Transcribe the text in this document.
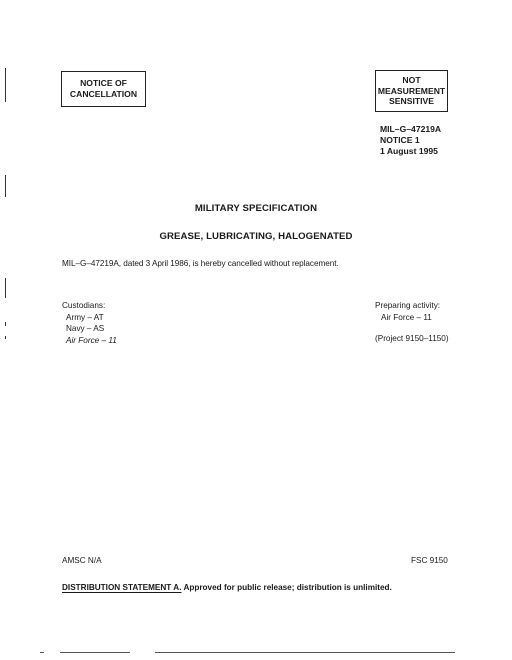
NOTICE OF
CANCELLATION
NOT
MEASUREMENT
SENSITIVE
MIL–G–47219A
NOTICE 1
1 August 1995
MILITARY SPECIFICATION
GREASE, LUBRICATING, HALOGENATED
MIL–G–47219A, dated 3 April 1986, is hereby cancelled without replacement.
Custodians:
Army – AT
Navy – AS
Air Force – 11
Preparing activity:
Air Force – 11
(Project 9150–1150)
AMSC N/A	FSC 9150
DISTRIBUTION STATEMENT A. Approved for public release; distribution is unlimited.
